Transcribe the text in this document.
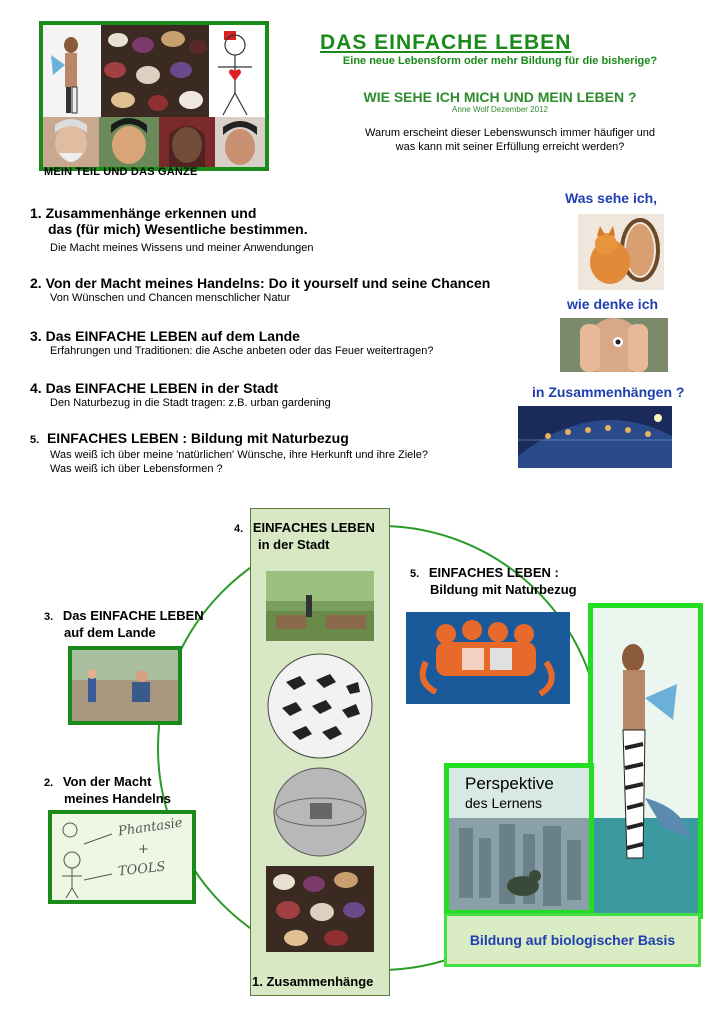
MEIN TEIL UND DAS GANZE
DAS EINFACHE LEBEN
Eine neue Lebensform oder mehr Bildung für die bisherige?
WIE SEHE ICH MICH UND MEIN LEBEN ?
Anne Wolf Dezember 2012
Warum erscheint dieser Lebenswunsch immer häufiger und
was kann mit seiner Erfüllung erreicht werden?
1. Zusammenhänge erkennen und
das (für mich) Wesentliche bestimmen.
Die Macht meines Wissens und meiner Anwendungen
2. Von der Macht meines Handelns: Do it yourself und seine Chancen
Von Wünschen und Chancen menschlicher Natur
3. Das EINFACHE LEBEN auf dem Lande
Erfahrungen und Traditionen: die Asche anbeten oder das Feuer weitertragen?
4. Das EINFACHE LEBEN in der Stadt
Den Naturbezug in die Stadt tragen: z.B. urban gardening
5. EINFACHES LEBEN : Bildung mit Naturbezug
Was weiß ich über meine 'natürlichen' Wünsche, ihre Herkunft und ihre Ziele?
Was weiß ich über Lebensformen ?
Was sehe ich,
wie denke ich
in Zusammenhängen ?
4. EINFACHES LEBEN
in der Stadt
1. Zusammenhänge
5. EINFACHES LEBEN :
Bildung mit Naturbezug
3. Das EINFACHE LEBEN
auf dem Lande
2. Von der Macht
meines Handelns
Phantasie
+
TOOLS
Perspektive
des Lernens
Bildung auf biologischer Basis
